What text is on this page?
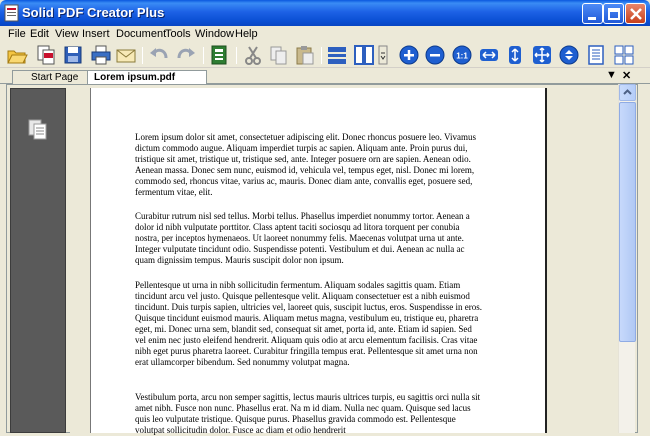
Solid PDF Creator Plus
File Edit View Insert Document
Tools Window Help
1:1
Start Page	Lorem ipsum.pdf	▼ ✕

Lorem ipsum dolor sit amet, consectetuer adipiscing elit. Donec rhoncus posuere leo. Vivamus dictum commodo augue. Aliquam imperdiet turpis ac sapien. Aliquam ante. Proin purus dui, tristique sit amet, tristique ut, tristique sed, ante. Integer posuere orn are sapien. Aenean odio. Aenean massa. Donec sem nunc, euismod id, vehicula vel, tempus eget, nisl. Donec mi lorem, commodo sed, rhoncus vitae, varius ac, mauris. Donec diam ante, convallis eget, posuere sed, fermentum vitae, elit.

Curabitur rutrum nisl sed tellus. Morbi tellus. Phasellus imperdiet nonummy tortor. Aenean a dolor id nibh vulputate porttitor. Class aptent taciti sociosqu ad litora torquent per conubia nostra, per inceptos hymenaeos. Ut laoreet nonummy felis. Maecenas volutpat urna ut ante. Integer vulputate tincidunt odio. Suspendisse potenti. Vestibulum et dui. Aenean ac nulla ac quam dignissim tempus. Mauris suscipit dolor non ipsum.

Pellentesque ut urna in nibh sollicitudin fermentum. Aliquam sodales sagittis quam. Etiam tincidunt arcu vel justo. Quisque pellentesque velit. Aliquam consectetuer est a nibh euismod tincidunt. Duis turpis sapien, ultricies vel, laoreet quis, suscipit luctus, eros. Suspendisse in eros. Quisque tincidunt euismod mauris. Aliquam metus magna, vestibulum eu, tristique eu, pharetra eget, mi. Donec urna sem, blandit sed, consequat sit amet, porta id, ante. Etiam id sapien. Sed vel enim nec justo eleifend hendrerit. Aliquam quis odio at arcu elementum facilisis. Cras vitae nibh eget purus pharetra laoreet. Curabitur fringilla tempus erat. Pellentesque sit amet urna non erat ullamcorper bibendum. Sed nonummy volutpat magna.

Vestibulum porta, arcu non semper sagittis, lectus mauris ultrices turpis, eu sagittis orci nulla sit amet nibh. Fusce non nunc. Phasellus erat. Na m id diam. Nulla nec quam. Quisque sed lacus quis leo vulputate tristique. Quisque purus. Phasellus gravida commodo est. Pellentesque volutpat sollicitudin dolor. Fusce ac diam et odio hendrerit
